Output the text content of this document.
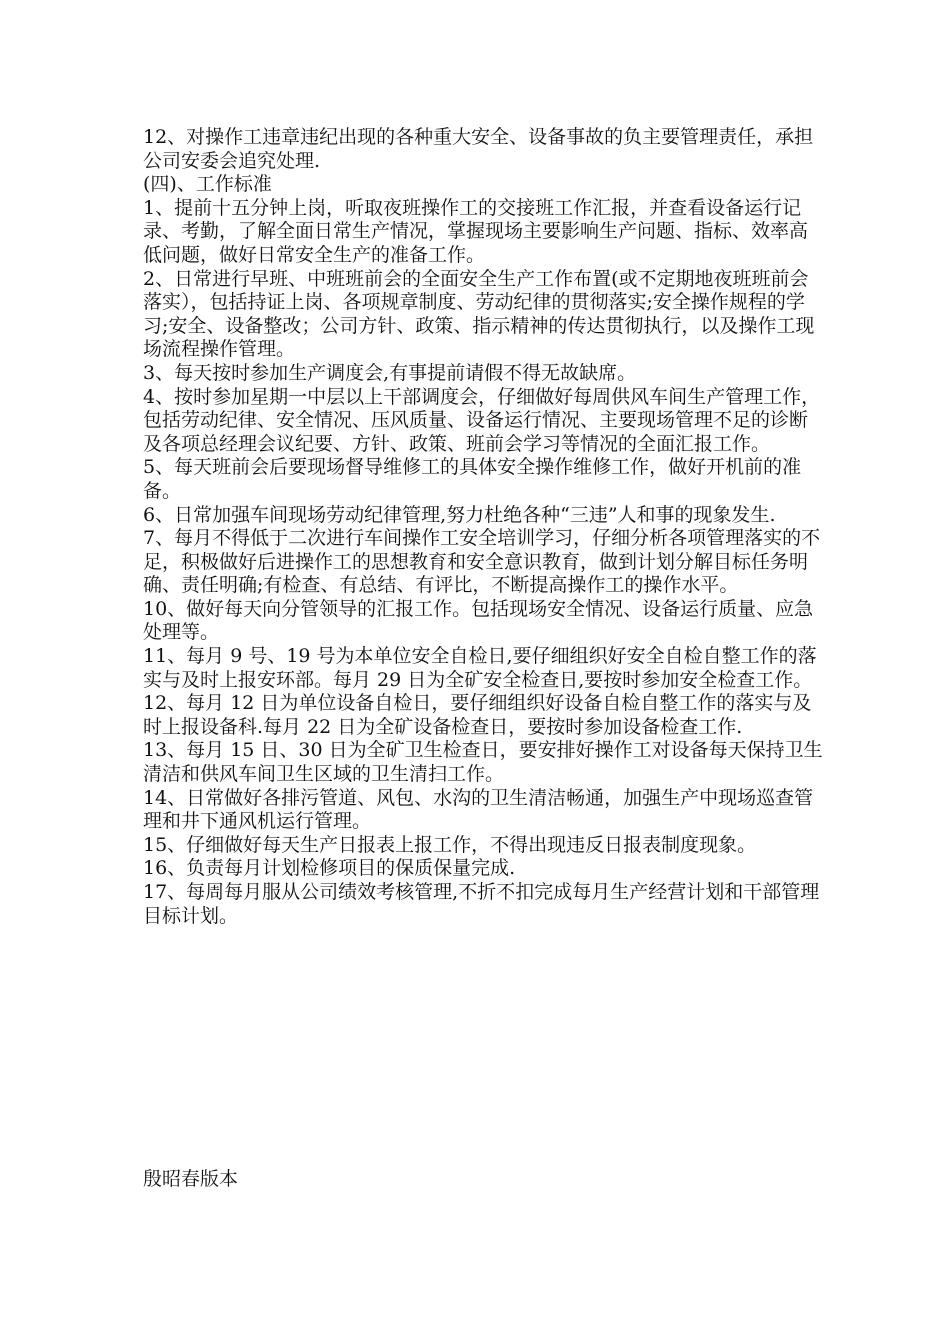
12、对操作工违章违纪出现的各种重大安全、设备事故的负主要管理责任，承担公司安委会追究处理.

(四)、工作标准

1、提前十五分钟上岗，听取夜班操作工的交接班工作汇报，并查看设备运行记录、考勤，了解全面日常生产情况，掌握现场主要影响生产问题、指标、效率高低问题，做好日常安全生产的准备工作。

2、日常进行早班、中班班前会的全面安全生产工作布置(或不定期地夜班班前会落实），包括持证上岗、各项规章制度、劳动纪律的贯彻落实;安全操作规程的学习;安全、设备整改；公司方针、政策、指示精神的传达贯彻执行，以及操作工现场流程操作管理。

3、每天按时参加生产调度会,有事提前请假不得无故缺席。

4、按时参加星期一中层以上干部调度会，仔细做好每周供风车间生产管理工作，包括劳动纪律、安全情况、压风质量、设备运行情况、主要现场管理不足的诊断及各项总经理会议纪要、方针、政策、班前会学习等情况的全面汇报工作。

5、每天班前会后要现场督导维修工的具体安全操作维修工作，做好开机前的准备。

6、日常加强车间现场劳动纪律管理,努力杜绝各种“三违”人和事的现象发生.

7、每月不得低于二次进行车间操作工安全培训学习，仔细分析各项管理落实的不足，积极做好后进操作工的思想教育和安全意识教育，做到计划分解目标任务明确、责任明确;有检查、有总结、有评比，不断提高操作工的操作水平。

10、做好每天向分管领导的汇报工作。包括现场安全情况、设备运行质量、应急处理等。

11、每月 9 号、19 号为本单位安全自检日,要仔细组织好安全自检自整工作的落实与及时上报安环部。每月 29 日为全矿安全检查日,要按时参加安全检查工作。

12、每月 12 日为单位设备自检日，要仔细组织好设备自检自整工作的落实与及时上报设备科.每月 22 日为全矿设备检查日，要按时参加设备检查工作.

13、每月 15 日、30 日为全矿卫生检查日，要安排好操作工对设备每天保持卫生清洁和供风车间卫生区域的卫生清扫工作。

14、日常做好各排污管道、风包、水沟的卫生清洁畅通，加强生产中现场巡查管理和井下通风机运行管理。

15、仔细做好每天生产日报表上报工作，不得出现违反日报表制度现象。

16、负责每月计划检修项目的保质保量完成.

17、每周每月服从公司绩效考核管理,不折不扣完成每月生产经营计划和干部管理目标计划。

殷昭春版本
